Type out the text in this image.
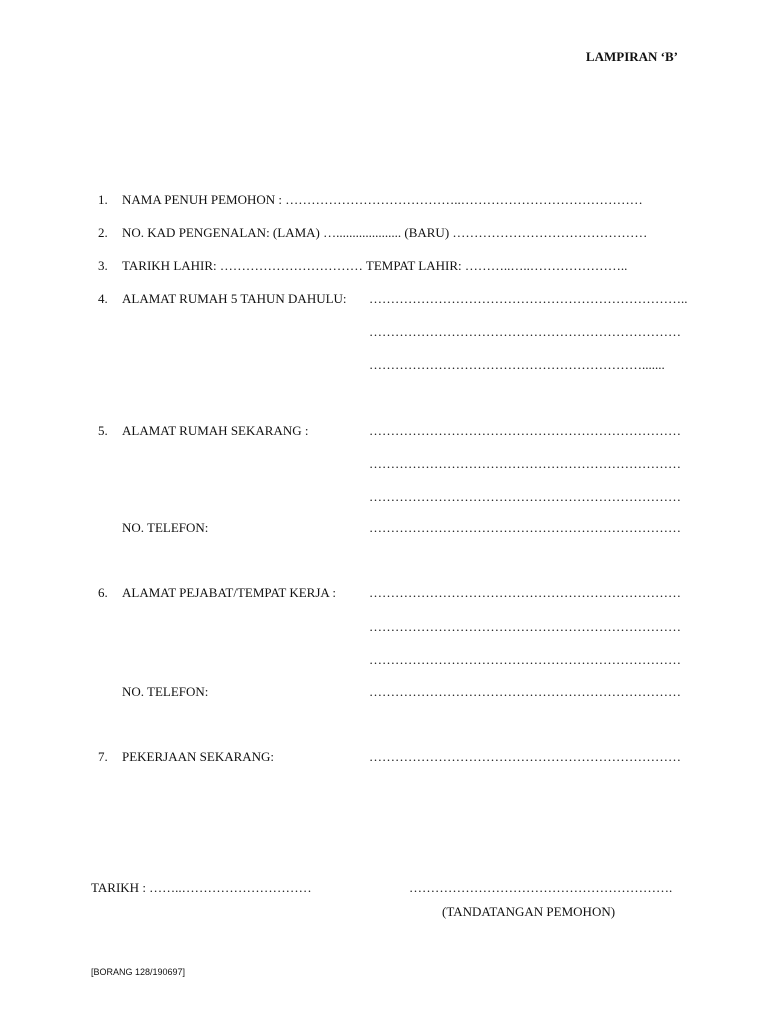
LAMPIRAN ‘B’
1. NAMA PENUH PEMOHON : …………………………………..……………………………………
2. NO. KAD PENGENALAN: (LAMA) ….................... (BARU) ………………………………………
3. TARIKH LAHIR: …………………………… TEMPAT LAHIR: ………..…..…………………..
4. ALAMAT RUMAH 5 TAHUN DAHULU: ………………………………………………………………..
………………………………………………………………
……………………………………………………….......
5. ALAMAT RUMAH SEKARANG :	………………………………………………………………
………………………………………………………………
………………………………………………………………
NO. TELEFON:	………………………………………………………………
6. ALAMAT PEJABAT/TEMPAT KERJA :	………………………………………………………………
………………………………………………………………
………………………………………………………………
NO. TELEFON:	………………………………………………………………
7. PEKERJAAN SEKARANG:	………………………………………………………………
TARIKH : ……..…………………………	…………………………………………………….
(TANDATANGAN PEMOHON)
[BORANG 128/190697]
